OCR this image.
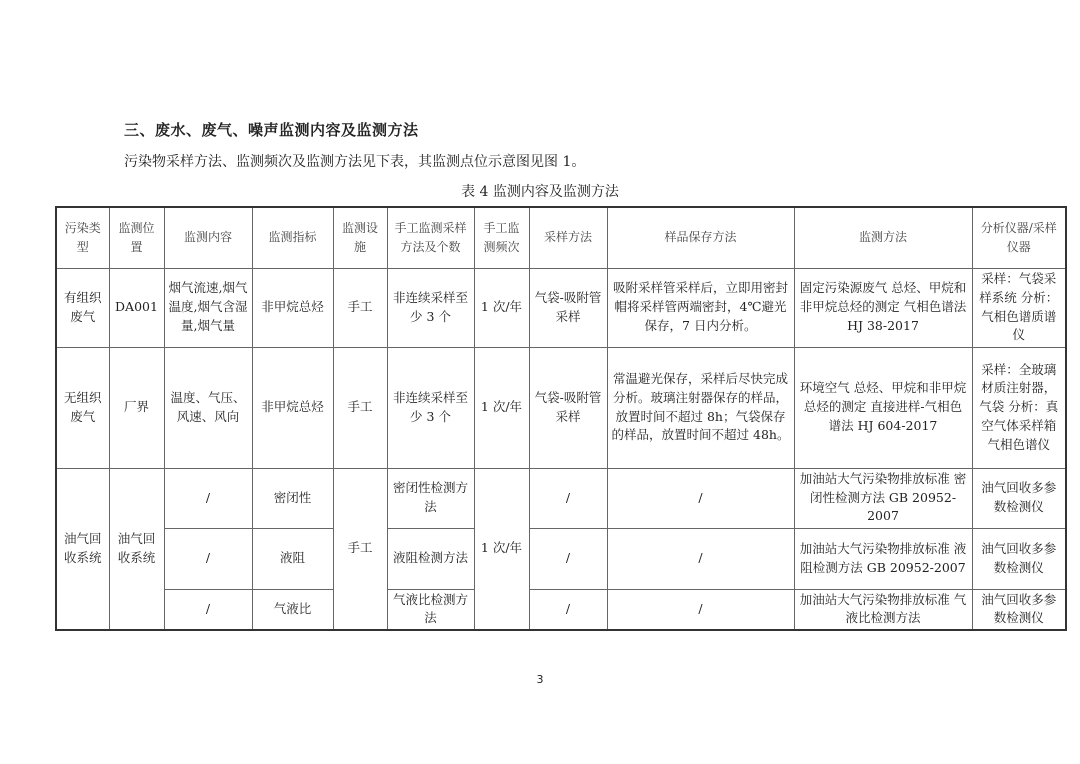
三、废水、废气、噪声监测内容及监测方法
污染物采样方法、监测频次及监测方法见下表，其监测点位示意图见图 1。
表 4 监测内容及监测方法
污染类型	监测位置	监测内容	监测指标	监测设施	手工监测采样方法及个数	手工监测频次	采样方法	样品保存方法	监测方法	分析仪器/采样仪器
有组织废气	DA001	烟气流速,烟气温度,烟气含湿量,烟气量	非甲烷总烃	手工	非连续采样至少 3 个	1 次/年	气袋-吸附管采样	吸附采样管采样后，立即用密封帽将采样管两端密封，4℃避光保存，7 日内分析。	固定污染源废气 总烃、甲烷和非甲烷总烃的测定 气相色谱法 HJ 38-2017	采样：气袋采样系统 分析：气相色谱质谱仪
无组织废气	厂界	温度、气压、风速、风向	非甲烷总烃	手工	非连续采样至少 3 个	1 次/年	气袋-吸附管采样	常温避光保存，采样后尽快完成分析。玻璃注射器保存的样品，放置时间不超过 8h；气袋保存的样品，放置时间不超过 48h。	环境空气 总烃、甲烷和非甲烷总烃的测定 直接进样-气相色谱法 HJ 604-2017	采样：全玻璃材质注射器，气袋 分析：真空气体采样箱气相色谱仪
油气回收系统	油气回收系统	/	密闭性	手工	密闭性检测方法	1 次/年	/	/	加油站大气污染物排放标准 密闭性检测方法 GB 20952-2007	油气回收多参数检测仪
		/	液阻		液阻检测方法		/	/	加油站大气污染物排放标准 液阻检测方法 GB 20952-2007	油气回收多参数检测仪
		/	气液比		气液比检测方法		/	/	加油站大气污染物排放标准 气液比检测方法	油气回收多参数检测仪
3
